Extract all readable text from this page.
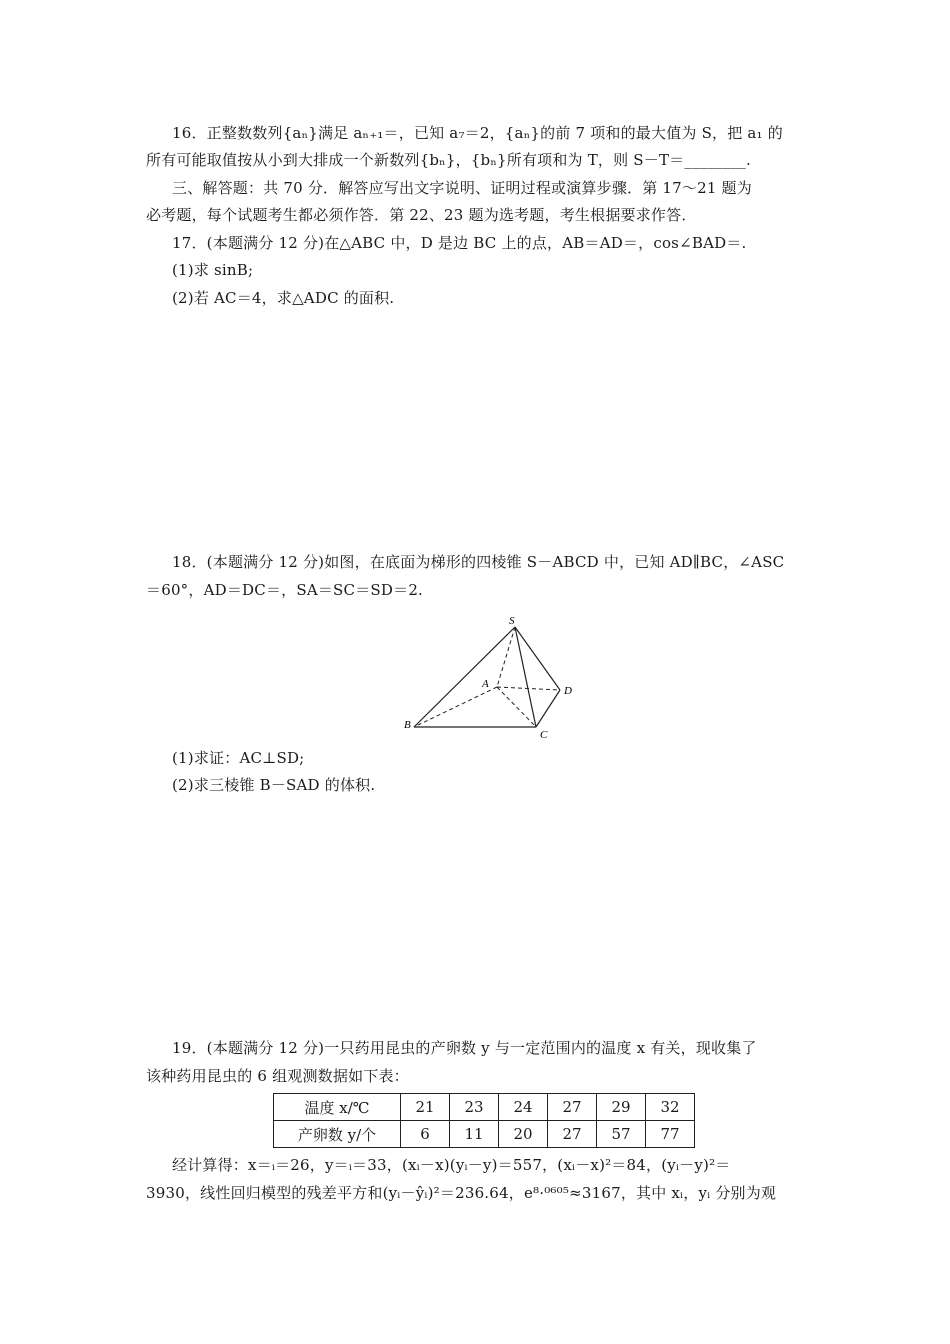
16．正整数数列{aₙ}满足 aₙ₊₁＝，已知 a₇＝2，{aₙ}的前 7 项和的最大值为 S，把 a₁ 的
所有可能取值按从小到大排成一个新数列{bₙ}，{bₙ}所有项和为 T，则 S－T＝________.
三、解答题：共 70 分．解答应写出文字说明、证明过程或演算步骤．第 17～21 题为
必考题，每个试题考生都必须作答．第 22、23 题为选考题，考生根据要求作答．
17．(本题满分 12 分)在△ABC 中，D 是边 BC 上的点，AB＝AD＝，cos∠BAD＝.
(1)求 sinB;
(2)若 AC＝4，求△ADC 的面积.
18．(本题满分 12 分)如图，在底面为梯形的四棱锥 S－ABCD 中，已知 AD∥BC，∠ASC
＝60°，AD＝DC＝，SA＝SC＝SD＝2.
S
A
B
C
D
(1)求证：AC⊥SD;
(2)求三棱锥 B－SAD 的体积.
19．(本题满分 12 分)一只药用昆虫的产卵数 y 与一定范围内的温度 x 有关，现收集了
该种药用昆虫的 6 组观测数据如下表：
温度 x/℃	21	23	24	27	29	32
产卵数 y/个	6	11	20	27	57	77
经计算得：x＝ᵢ＝26，y＝ᵢ＝33，(xᵢ－x)(yᵢ－y)＝557，(xᵢ－x)²＝84，(yᵢ－y)²＝
3930，线性回归模型的残差平方和(yᵢ－ŷᵢ)²＝236.64，e⁸·⁰⁶⁰⁵≈3167，其中 xᵢ，yᵢ 分别为观
